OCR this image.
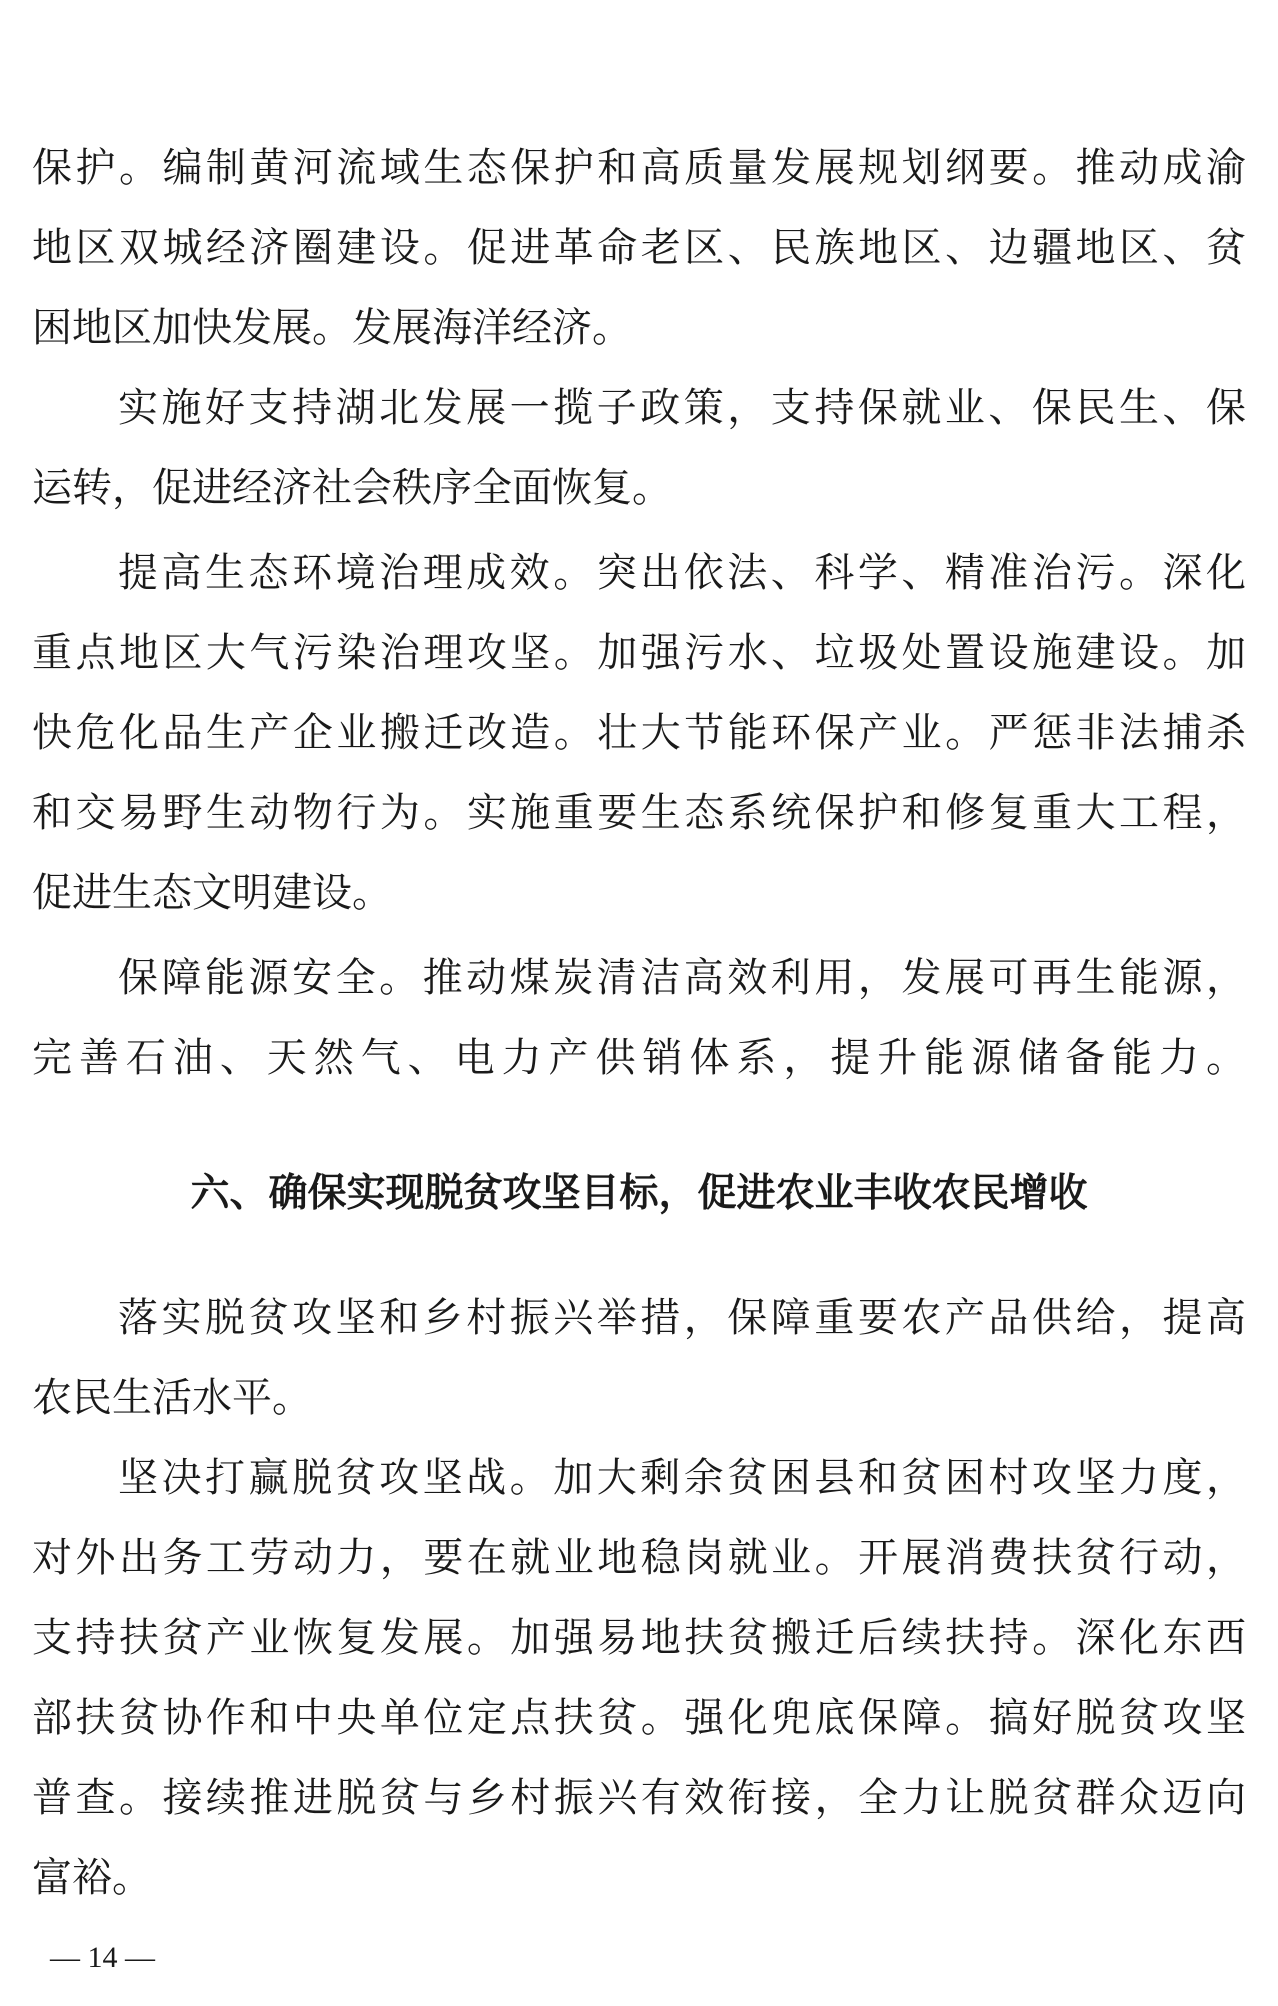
保护。编制黄河流域生态保护和高质量发展规划纲要。推动成渝
地区双城经济圈建设。促进革命老区、民族地区、边疆地区、贫
困地区加快发展。发展海洋经济。
实施好支持湖北发展一揽子政策，支持保就业、保民生、保
运转，促进经济社会秩序全面恢复。
提高生态环境治理成效。突出依法、科学、精准治污。深化
重点地区大气污染治理攻坚。加强污水、垃圾处置设施建设。加
快危化品生产企业搬迁改造。壮大节能环保产业。严惩非法捕杀
和交易野生动物行为。实施重要生态系统保护和修复重大工程，
促进生态文明建设。
保障能源安全。推动煤炭清洁高效利用，发展可再生能源，
完善石油、天然气、电力产供销体系，提升能源储备能力。
六、确保实现脱贫攻坚目标，促进农业丰收农民增收
落实脱贫攻坚和乡村振兴举措，保障重要农产品供给，提高
农民生活水平。
坚决打赢脱贫攻坚战。加大剩余贫困县和贫困村攻坚力度，
对外出务工劳动力，要在就业地稳岗就业。开展消费扶贫行动，
支持扶贫产业恢复发展。加强易地扶贫搬迁后续扶持。深化东西
部扶贫协作和中央单位定点扶贫。强化兜底保障。搞好脱贫攻坚
普查。接续推进脱贫与乡村振兴有效衔接，全力让脱贫群众迈向
富裕。
— 14 —
